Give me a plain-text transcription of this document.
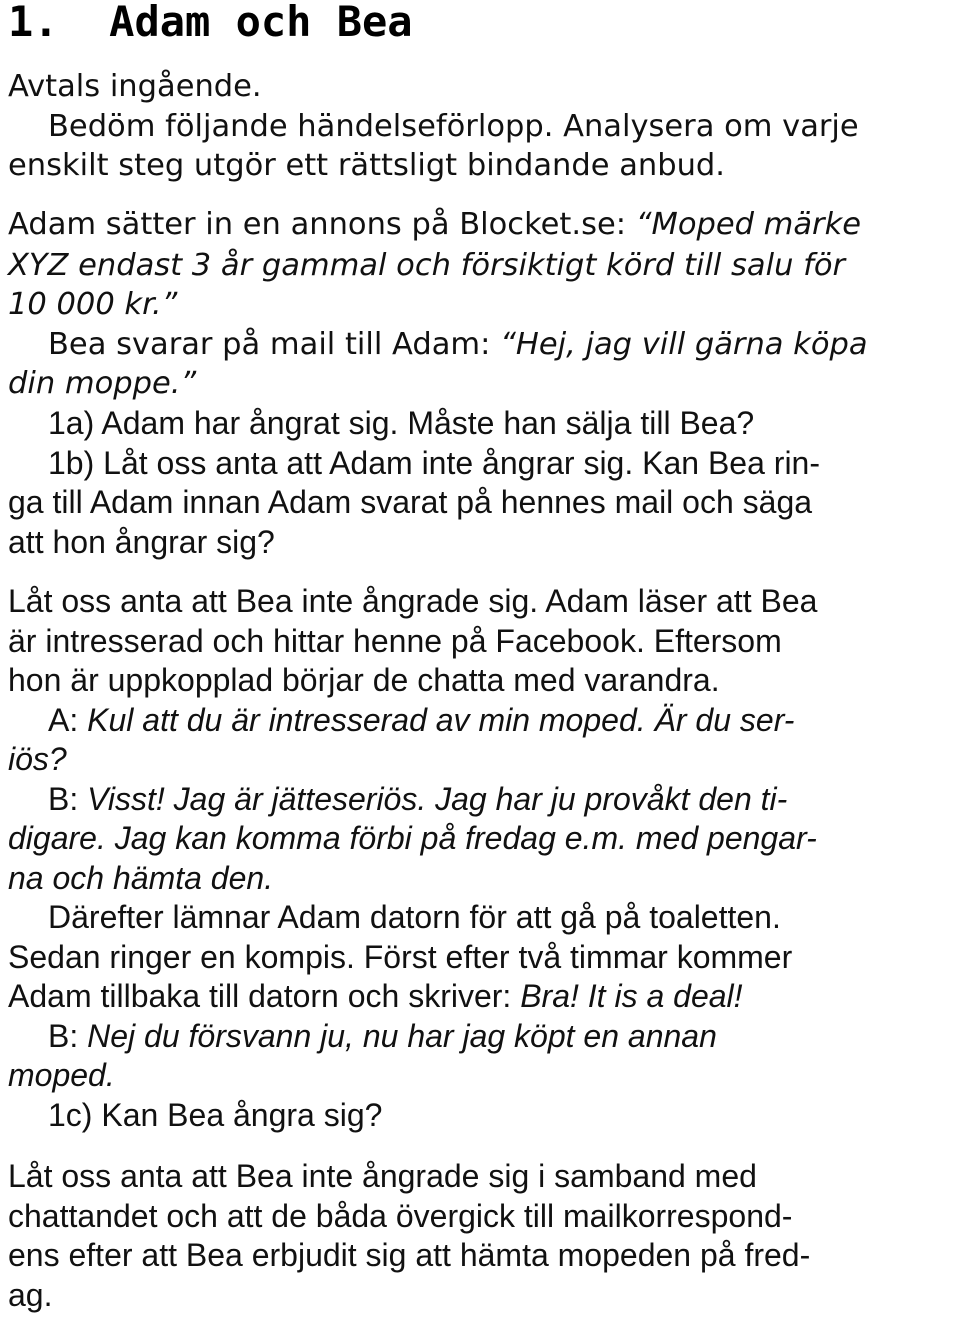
1. Adam och Bea

Avtals ingående.

Bedöm följande händelseförlopp. Analysera om varje

enskilt steg utgör ett rättsligt bindande anbud.

Adam sätter in en annons på Blocket.se: “Moped märke

XYZ endast 3 år gammal och försiktigt körd till salu för

10 000 kr.”

Bea svarar på mail till Adam: “Hej, jag vill gärna köpa

din moppe.”

1a) Adam har ångrat sig. Måste han sälja till Bea?

1b) Låt oss anta att Adam inte ångrar sig. Kan Bea rin-

ga till Adam innan Adam svarat på hennes mail och säga

att hon ångrar sig?

Låt oss anta att Bea inte ångrade sig. Adam läser att Bea

är intresserad och hittar henne på Facebook. Eftersom

hon är uppkopplad börjar de chatta med varandra.

A: Kul att du är intresserad av min moped. Är du ser-

iös?

B: Visst! Jag är jätteseriös. Jag har ju provåkt den ti-

digare. Jag kan komma förbi på fredag e.m. med pengar-

na och hämta den.

Därefter lämnar Adam datorn för att gå på toaletten.

Sedan ringer en kompis. Först efter två timmar kommer

Adam tillbaka till datorn och skriver: Bra! It is a deal!

B: Nej du försvann ju, nu har jag köpt en annan

moped.

1c) Kan Bea ångra sig?

Låt oss anta att Bea inte ångrade sig i samband med

chattandet och att de båda övergick till mailkorrespond-

ens efter att Bea erbjudit sig att hämta mopeden på fred-

ag.
